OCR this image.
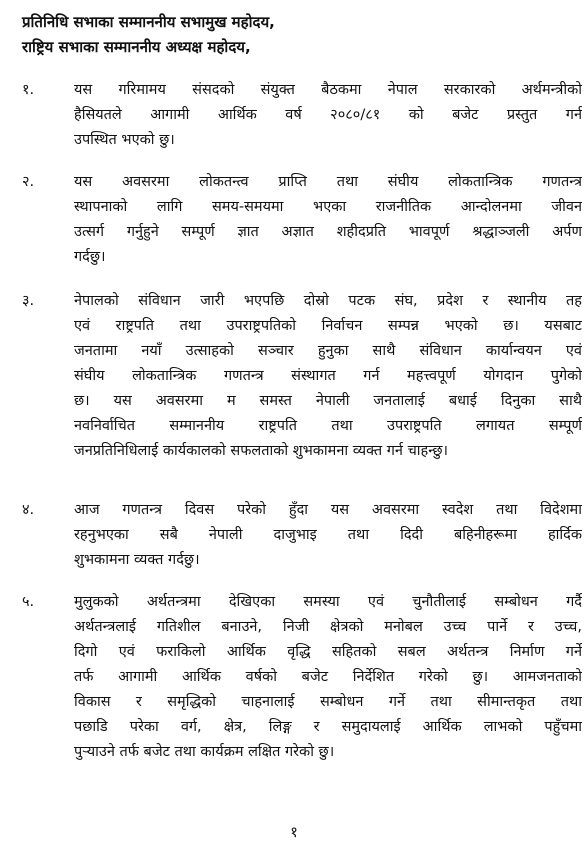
प्रतिनिधि सभाका सम्माननीय सभामुख महोदय,
राष्ट्रिय सभाका सम्माननीय अध्यक्ष महोदय,
१.	यस गरिमामय संसदको संयुक्त बैठकमा नेपाल सरकारको अर्थमन्त्रीको
हैसियतले आगामी आर्थिक वर्ष २०८०/८१ को बजेट प्रस्तुत गर्न
उपस्थित भएको छु।
२.	यस अवसरमा लोकतन्त्व प्राप्ति तथा संघीय लोकतान्त्रिक गणतन्त्र
स्थापनाको लागि समय-समयमा भएका राजनीतिक आन्दोलनमा जीवन
उत्सर्ग गर्नुहुने सम्पूर्ण ज्ञात अज्ञात शहीदप्रति भावपूर्ण श्रद्धाञ्जली अर्पण
गर्दछु।
३.	नेपालको संविधान जारी भएपछि दोस्रो पटक संघ, प्रदेश र स्थानीय तह
एवं राष्ट्रपति तथा उपराष्ट्रपतिको निर्वाचन सम्पन्न भएको छ। यसबाट
जनतामा नयाँ उत्साहको सञ्चार हुनुका साथै संविधान कार्यान्वयन एवं
संघीय लोकतान्त्रिक गणतन्त्र संस्थागत गर्न महत्त्वपूर्ण योगदान पुगेको
छ। यस अवसरमा म समस्त नेपाली जनतालाई बधाई दिनुका साथै
नवनिर्वाचित सम्माननीय राष्ट्रपति तथा उपराष्ट्रपति लगायत सम्पूर्ण
जनप्रतिनिधिलाई कार्यकालको सफलताको शुभकामना व्यक्त गर्न चाहन्छु।
४.	आज गणतन्त्र दिवस परेको हुँदा यस अवसरमा स्वदेश तथा विदेशमा
रहनुभएका सबै नेपाली दाजुभाइ तथा दिदी बहिनीहरूमा हार्दिक
शुभकामना व्यक्त गर्दछु।
५.	मुलुकको अर्थतन्त्रमा देखिएका समस्या एवं चुनौतीलाई सम्बोधन गर्दै
अर्थतन्त्रलाई गतिशील बनाउने, निजी क्षेत्रको मनोबल उच्च पार्ने र उच्च,
दिगो एवं फराकिलो आर्थिक वृद्धि सहितको सबल अर्थतन्त्र निर्माण गर्ने
तर्फ आगामी आर्थिक वर्षको बजेट निर्देशित गरेको छु। आमजनताको
विकास र समृद्धिको चाहनालाई सम्बोधन गर्ने तथा सीमान्तकृत तथा
पछाडि परेका वर्ग, क्षेत्र, लिङ्ग र समुदायलाई आर्थिक लाभको पहुँचमा
पुर्‍याउने तर्फ बजेट तथा कार्यक्रम लक्षित गरेको छु।
१
